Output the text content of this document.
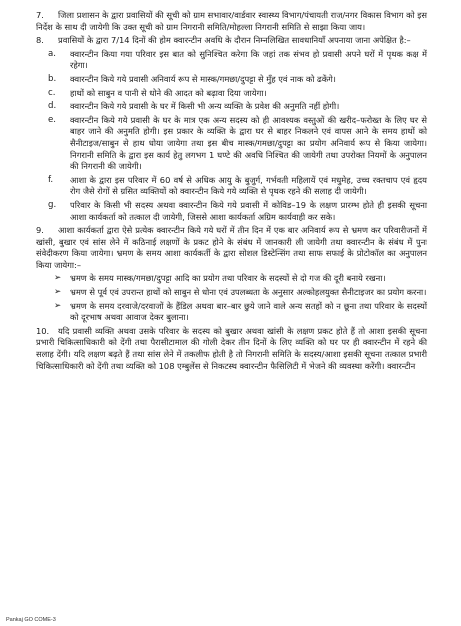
7. जिला प्रशासन के द्वारा प्रवासियों की सूची को ग्राम सभावार/वार्डवार स्वास्थ्य विभाग/पंचायती राज/नगर विकास विभाग को इस निर्देश के साथ दी जायेगी कि उक्त सूची को ग्राम निगरानी समिति/मोहल्ला निगरानी समिति से साझा किया जाय।

8. प्रवासियों के द्वारा 7/14 दिनों की होम क्वारन्टीन अवधि के दौरान निम्नलिखित सावधानियाँ अपनाया जाना अपेक्षित है:–

a.	क्वारन्टीन किया गया परिवार इस बात को सुनिश्चित करेगा कि जहां तक संभव हो प्रवासी अपने घरों में पृथक कक्ष में रहेगा।

b.	क्वारन्टीन किये गये प्रवासी अनिवार्य रूप से मास्क/गमछा/दुपट्टा से मुँह एवं नाक को ढकेंगे।

c.	हाथों को साबुन व पानी से धोने की आदत को बढ़ावा दिया जायेगा।

d.	क्वारन्टीन किये गये प्रवासी के घर में किसी भी अन्य व्यक्ति के प्रवेश की अनुमति नहीं होगी।

e.	क्वारन्टीन किये गये प्रवासी के घर के मात्र एक अन्य सदस्य को ही आवश्यक वस्तुओं की खरीद–फरोख्त के लिए घर से बाहर जाने की अनुमति होगी। इस प्रकार के व्यक्ति के द्वारा घर से बाहर निकलने एवं वापस आने के समय हाथों को सैनीटाइज/साबुन से हाथ धोया जायेगा तथा इस बीच मास्क/गमछा/दुपट्टा का प्रयोग अनिवार्य रूप से किया जायेगा। निगरानी समिति के द्वारा इस कार्य हेतु लगभग 1 घण्टे की अवधि निश्चित की जायेगी तथा उपरोक्त नियमों के अनुपालन की निगरानी की जायेगी।

f.	आशा के द्वारा इस परिवार में 60 वर्ष से अधिक आयु के बुजुर्ग, गर्भवती महिलायें एवं मधुमेह, उच्च रक्तचाप एवं हृदय रोग जैसे रोगों से ग्रसित व्यक्तियों को क्वारन्टीन किये गये व्यक्ति से पृथक रहने की सलाह दी जायेगी।

g.	परिवार के किसी भी सदस्य अथवा क्वारन्टीन किये गये प्रवासी में कोविड–19 के लक्षण प्रारम्भ होते ही इसकी सूचना आशा कार्यकर्ता को तत्काल दी जायेगी, जिससे आशा कार्यकर्ता अग्रिम कार्यवाही कर सके।

9. आशा कार्यकर्ता द्वारा ऐसे प्रत्येक क्वारन्टीन किये गये घरों में तीन दिन में एक बार अनिवार्य रूप से भ्रमण कर परिवारीजनों में खांसी, बुखार एवं सांस लेने में कठिनाई लक्षणों के प्रकट होने के संबंध में जानकारी ली जायेगी तथा क्वारन्टीन के संबंध में पुनः संवेदीकरण किया जायेगा। भ्रमण के समय आशा कार्यकर्ती के द्वारा सोशल डिस्टेन्सिंग तथा साफ सफाई के प्रोटोकॉल का अनुपालन किया जायेगा:–

➢	भ्रमण के समय मास्क/गमछा/दुपट्टा आदि का प्रयोग तथा परिवार के सदस्यों से दो गज की दूरी बनाये रखना।

➢	भ्रमण से पूर्व एवं उपरान्त हाथों को साबुन से धोना एवं उपलब्धता के अनुसार अल्कोहलयुक्त सैनीटाइजर का प्रयोग करना।

➢	भ्रमण के समय दरवाजे/दरवाजों के हैंडिल अथवा बार–बार छुये जाने वाले अन्य सतहों को न छूना तथा परिवार के सदस्यों को दूरभाष अथवा आवाज देकर बुलाना।

10. यदि प्रवासी व्यक्ति अथवा उसके परिवार के सदस्य को बुखार अथवा खांसी के लक्षण प्रकट होते हैं तो आशा इसकी सूचना प्रभारी चिकित्साधिकारी को देंगी तथा पैरासीटामाल की गोली देकर तीन दिनों के लिए व्यक्ति को घर पर ही क्वारन्टीन में रहने की सलाह देंगी। यदि लक्षण बढ़ते हैं तथा सांस लेने में तकलीफ होती है तो निगरानी समिति के सदस्य/आशा इसकी सूचना तत्काल प्रभारी चिकित्साधिकारी को देंगी तथा व्यक्ति को 108 एम्बुलेंस से निकटस्थ क्वारन्टीन फैसिलिटी में भेजने की व्यवस्था करेंगी। क्वारन्टीन

Pankaj GO COME-3
